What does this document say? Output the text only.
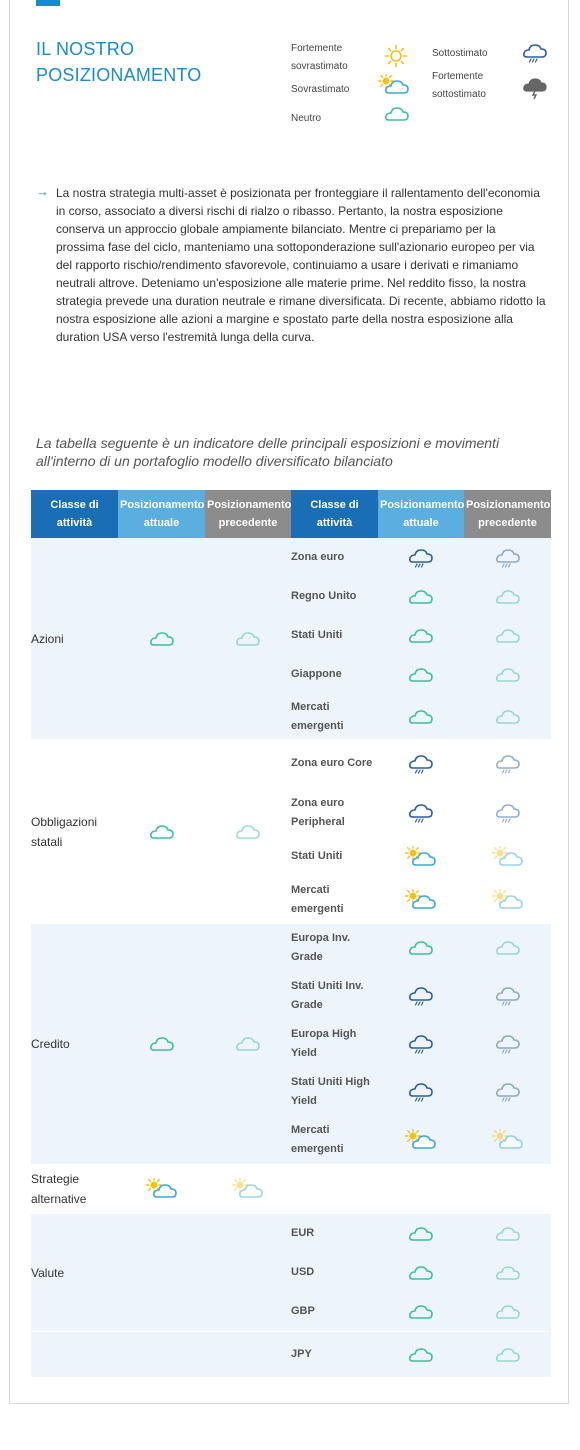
IL NOSTRO POSIZIONAMENTO
Fortemente sovrastimato
Sovrastimato
Neutro
Sottostimato
Fortemente sottostimato
→ La nostra strategia multi-asset è posizionata per fronteggiare il rallentamento dell'economia in corso, associato a diversi rischi di rialzo o ribasso. Pertanto, la nostra esposizione conserva un approccio globale ampiamente bilanciato. Mentre ci prepariamo per la prossima fase del ciclo, manteniamo una sottoponderazione sull'azionario europeo per via del rapporto rischio/rendimento sfavorevole, continuiamo a usare i derivati e rimaniamo neutrali altrove. Deteniamo un'esposizione alle materie prime. Nel reddito fisso, la nostra strategia prevede una duration neutrale e rimane diversificata. Di recente, abbiamo ridotto la nostra esposizione alle azioni a margine e spostato parte della nostra esposizione alla duration USA verso l'estremità lunga della curva.
La tabella seguente è un indicatore delle principali esposizioni e movimenti all'interno di un portafoglio modello diversificato bilanciato
Classe di attività	Posizionamento attuale	Posizionamento precedente	Classe di attività	Posizionamento attuale	Posizionamento precedente
Azioni			Zona euro		
			Regno Unito		
			Stati Uniti		
			Giappone		
			Mercati emergenti		
Obbligazioni statali			Zona euro Core		
			Zona euro Peripheral		
			Stati Uniti		
			Mercati emergenti		
Credito			Europa Inv. Grade		
			Stati Uniti Inv. Grade		
			Europa High Yield		
			Stati Uniti High Yield		
			Mercati emergenti		
Strategie alternative					
Valute			EUR		
			USD		
			GBP		
			JPY		
